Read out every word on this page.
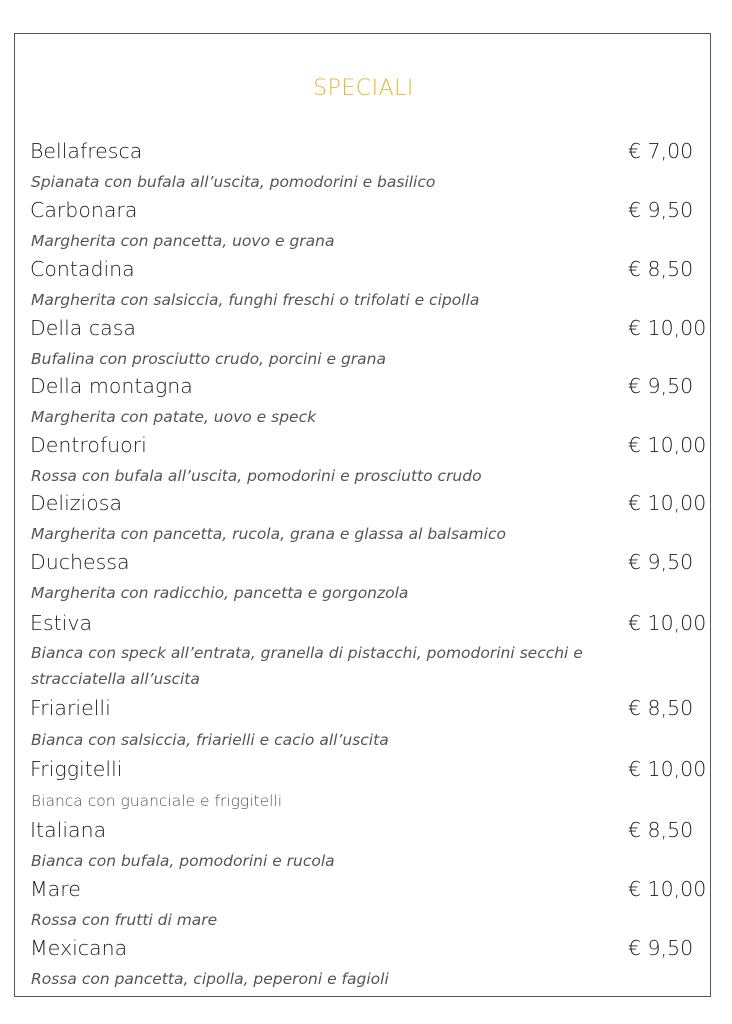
SPECIALI
Bellafresca	€ 7,00
Spianata con bufala all’uscita, pomodorini e basilico
Carbonara	€ 9,50
Margherita con pancetta, uovo e grana
Contadina	€ 8,50
Margherita con salsiccia, funghi freschi o trifolati e cipolla
Della casa	€ 10,00
Bufalina con prosciutto crudo, porcini e grana
Della montagna	€ 9,50
Margherita con patate, uovo e speck
Dentrofuori	€ 10,00
Rossa con bufala all’uscita, pomodorini e prosciutto crudo
Deliziosa	€ 10,00
Margherita con pancetta, rucola, grana e glassa al balsamico
Duchessa	€ 9,50
Margherita con radicchio, pancetta e gorgonzola
Estiva	€ 10,00
Bianca con speck all’entrata, granella di pistacchi, pomodorini secchi e stracciatella all’uscita
Friarielli	€ 8,50
Bianca con salsiccia, friarielli e cacio all’uscita
Friggitelli	€ 10,00
Bianca con guanciale e friggitelli
Italiana	€ 8,50
Bianca con bufala, pomodorini e rucola
Mare	€ 10,00
Rossa con frutti di mare
Mexicana	€ 9,50
Rossa con pancetta, cipolla, peperoni e fagioli
